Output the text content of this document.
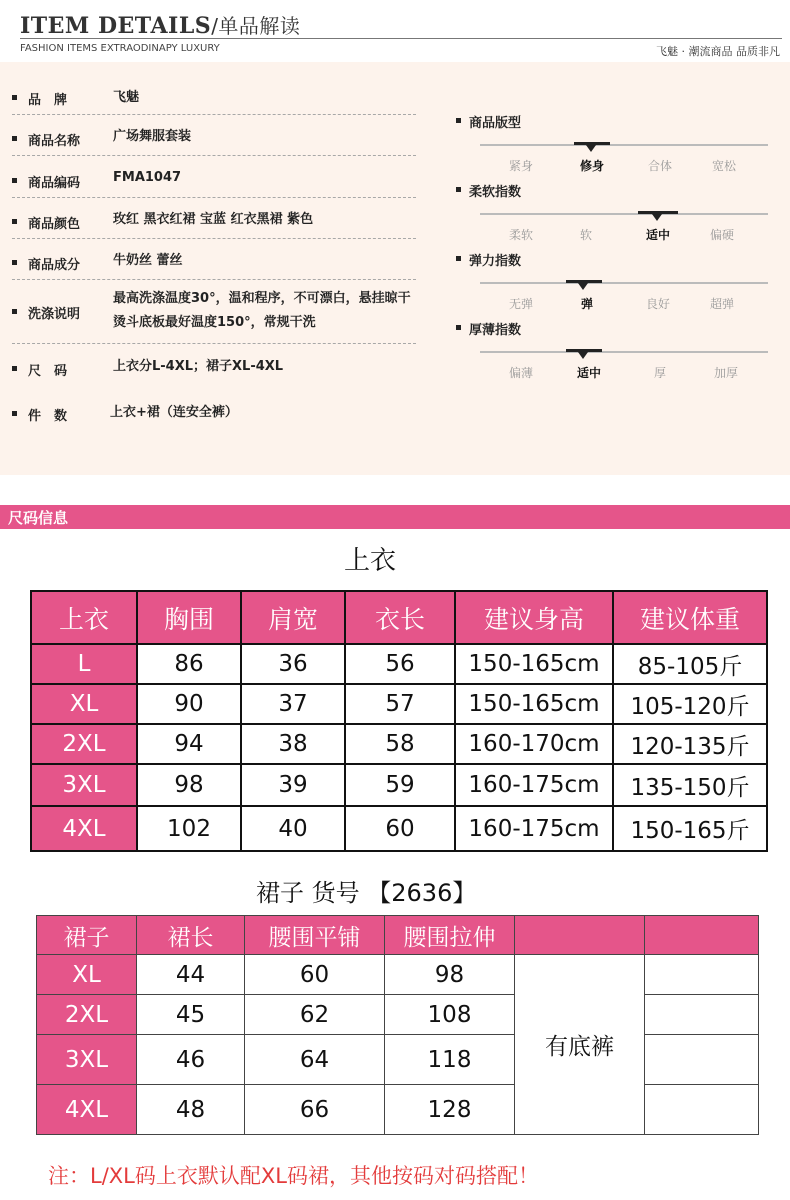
ITEM DETAILS/单品解读
FASHION ITEMS EXTRAODINAPY LUXURY	飞魅 · 潮流商品 品质非凡
品　牌	飞魅
商品名称	广场舞服套装
商品编码	FMA1047
商品颜色	玫红 黑衣红裙 宝蓝 红衣黑裙 紫色
商品成分	牛奶丝 蕾丝
洗涤说明
最高洗涤温度30°，温和程序，不可漂白，悬挂晾干
烫斗底板最好温度150°，常规干洗
尺　码	上衣分L-4XL；裙子XL-4XL
件　数	上衣+裙（连安全裤）
商品版型
紧身	修身	合体	宽松
柔软指数
柔软	软	适中	偏硬
弹力指数
无弹	弹	良好	超弹
厚薄指数
偏薄	适中	厚	加厚
尺码信息
上衣
上衣	胸围	肩宽	衣长	建议身高	建议体重
L	86	36	56	150-165cm	85-105斤
XL	90	37	57	150-165cm	105-120斤
2XL	94	38	58	160-170cm	120-135斤
3XL	98	39	59	160-175cm	135-150斤
4XL	102	40	60	160-175cm	150-165斤
裙子 货号 【2636】
裙子	裙长	腰围平铺	腰围拉伸		
XL	44	60	98	有底裤	
2XL	45	62	108		
3XL	46	64	118		
4XL	48	66	128		
注：L/XL码上衣默认配XL码裙，其他按码对码搭配！
